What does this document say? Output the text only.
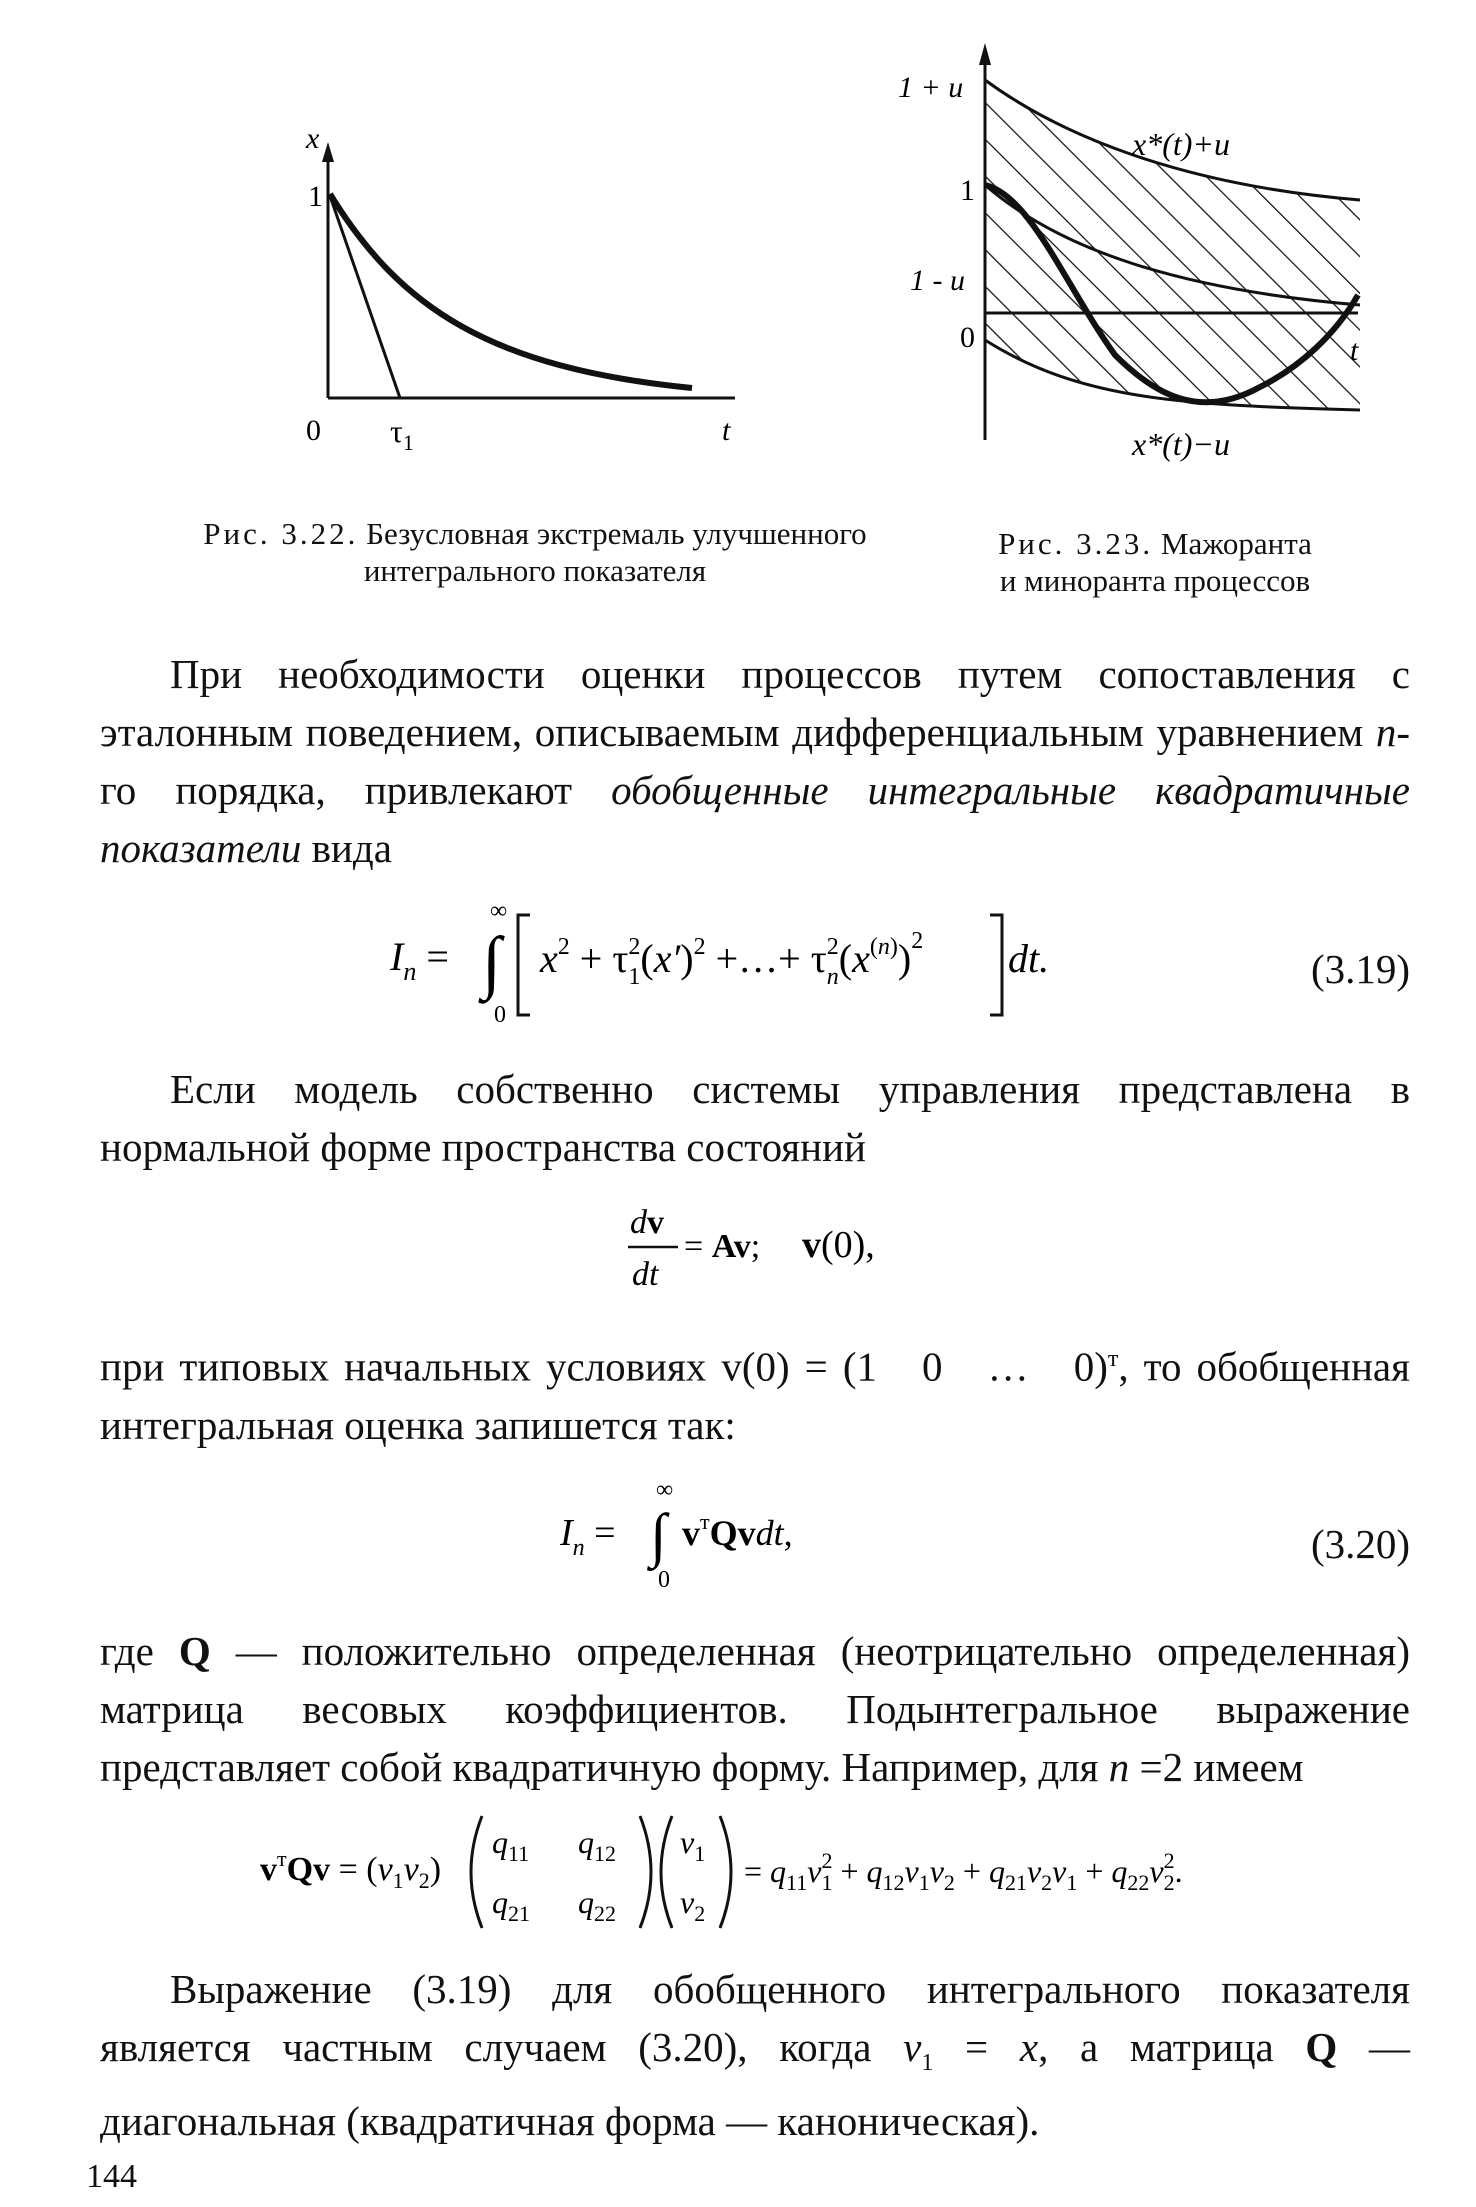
x
1
0 $\tau_1$	t
Рис. 3.22. Безусловная экстремаль улучшенного
интегрального показателя
1 + u
1
1 - u
0	t
x*(t)+u
x*(t)−u
Рис. 3.23. Мажоранта
и миноранта процессов
При необходимости оценки процессов путем сопоставления с эталонным поведением, описываемым дифференциальным уравнением n-го порядка, привлекают обобщенные интегральные квадратичные показатели вида
$I_n$ = ∫
∞
0
$x^2 + \tau^2$ $1(x')^2$ +…+ $\tau^2$ n(x(n))$^2$ dt.	(3.19)
Если модель собственно системы управления представлена в нормальной форме пространства состояний
dv
dt
= Av; v(0),
при типовых начальных условиях v(0) = (1   0   …   0)$^т$, то обобщенная интегральная оценка запишется так:
$I_n$ = ∫
∞
0
$v^тQvdt$,	(3.20)
где Q — положительно определенная (неотрицательно определенная) матрица весовых коэффициентов. Подынтегральное выражение представляет собой квадратичную форму. Например, для n =2 имеем
$v^тQv = (v_1v_2)$
$q_{11}$ $q_{12}$
$q_{21}$ $q_{22}$
$v_1$
$v_2$
= $q_{11}v^2$ $1 + q_{12}v_1v_2 + q_{21}v_2v_1 + q_{22}v^2$ 2.
Выражение (3.19) для обобщенного интегрального показателя является частным случаем (3.20), когда $v_1 = x$, а матрица Q — диагональная (квадратичная форма — каноническая).
144
